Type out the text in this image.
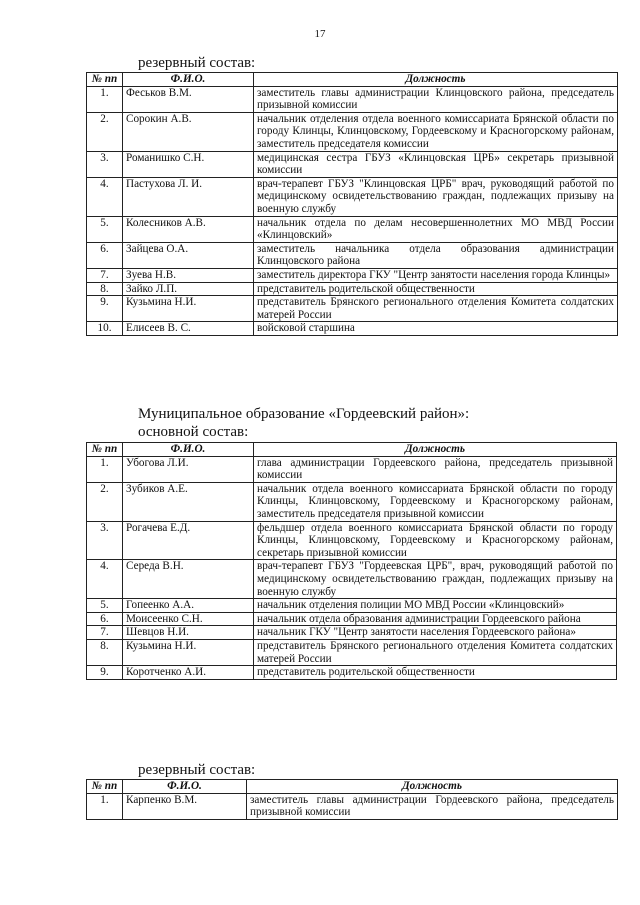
17
резервный состав:
№ пп	Ф.И.О.	Должность
1.	Феськов В.М.	заместитель главы администрации Клинцовского района, председатель призывной комиссии
2.	Сорокин А.В.	начальник отделения отдела военного комиссариата Брянской области по городу Клинцы, Клинцовскому, Гордеевскому и Красногорскому районам, заместитель председателя комиссии
3.	Романишко С.Н.	медицинская сестра ГБУЗ «Клинцовская ЦРБ» секретарь призывной комиссии
4.	Пастухова Л. И.	врач-терапевт ГБУЗ "Клинцовская ЦРБ" врач, руководящий работой по медицинскому освидетельствованию граждан, подлежащих призыву на военную службу
5.	Колесников А.В.	начальник отдела по делам несовершеннолетних МО МВД России «Клинцовский»
6.	Зайцева О.А.	заместитель начальника отдела образования администрации Клинцовского района
7.	Зуева Н.В.	заместитель директора ГКУ "Центр занятости населения города Клинцы»
8.	Зайко Л.П.	представитель родительской общественности
9.	Кузьмина Н.И.	представитель Брянского регионального отделения Комитета солдатских матерей России
10.	Елисеев В. С.	войсковой старшина
Муниципальное образование «Гордеевский район»:
основной состав:
№ пп	Ф.И.О.	Должность
1.	Убогова Л.И.	глава администрации Гордеевского района, председатель призывной комиссии
2.	Зубиков А.Е.	начальник отдела военного комиссариата Брянской области по городу Клинцы, Клинцовскому, Гордеевскому и Красногорскому районам, заместитель председателя призывной комиссии
3.	Рогачева Е.Д.	фельдшер отдела военного комиссариата Брянской области по городу Клинцы, Клинцовскому, Гордеевскому и Красногорскому районам, секретарь призывной комиссии
4.	Середа В.Н.	врач-терапевт ГБУЗ "Гордеевская ЦРБ", врач, руководящий работой по медицинскому освидетельствованию граждан, подлежащих призыву на военную службу
5.	Гопеенко А.А.	начальник отделения полиции МО МВД России «Клинцовский»
6.	Моисеенко С.Н.	начальник отдела образования администрации Гордеевского района
7.	Шевцов Н.И.	начальник ГКУ "Центр занятости населения Гордеевского района»
8.	Кузьмина Н.И.	представитель Брянского регионального отделения Комитета солдатских матерей России
9.	Коротченко А.И.	представитель родительской общественности
резервный состав:
№ пп	Ф.И.О.	Должность
1.	Карпенко В.М.	заместитель главы администрации Гордеевского района, председатель призывной комиссии
